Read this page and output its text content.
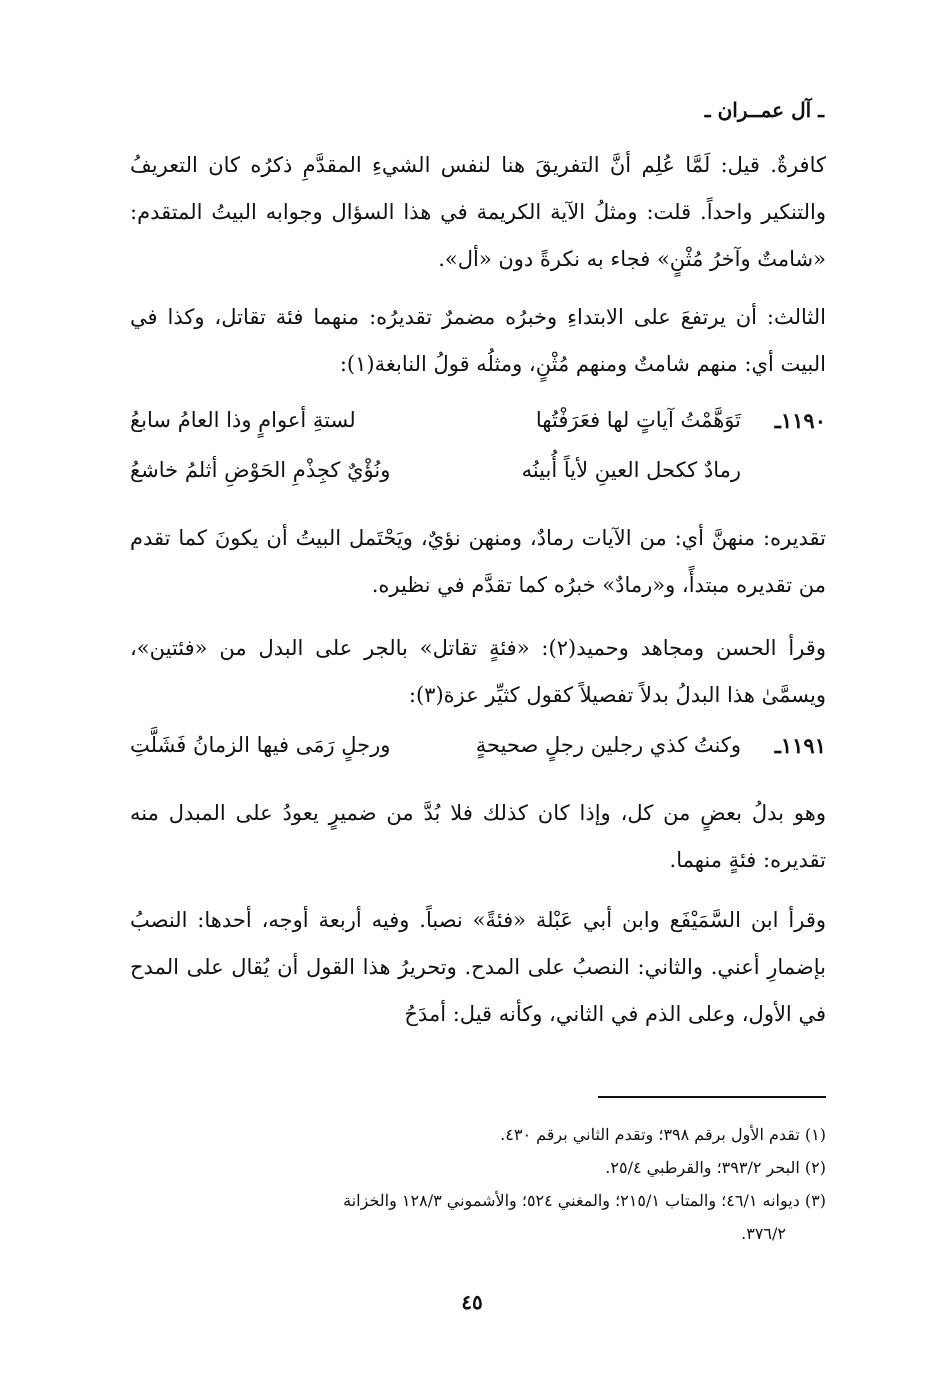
ـ آل عمــران ـ

كافرةٌ. قيل: لَمَّا عُلِم أنَّ التفريقَ هنا لنفس الشيءِ المقدَّمِ ذكرُه كان التعريفُ والتنكير واحداً. قلت: ومثلُ الآية الكريمة في هذا السؤال وجوابه البيتُ المتقدم: «شامتٌ وآخرُ مُثْنٍ» فجاء به نكرةً دون «أل».

الثالث: أن يرتفعَ على الابتداءِ وخبرُه مضمرٌ تقديرُه: منهما فئة تقاتل، وكذا في البيت أي: منهم شامتٌ ومنهم مُثْنٍ، ومثلُه قولُ النابغة(١):

١١٩٠ـ
تَوَهَّمْتُ آياتٍ لها فعَرَفْتُها
لستةِ أعوامٍ وذا العامُ سابعُ
رمادٌ ككحل العينِ لأياً أُبينُه
ونُؤْيٌ كجِذْمِ الحَوْضِ أثلمُ خاشعُ

تقديره: منهنَّ أي: من الآيات رمادٌ، ومنهن نؤيٌ، ويَحْتَمل البيتُ أن يكونَ كما تقدم من تقديره مبتدأً، و«رمادٌ» خبرُه كما تقدَّم في نظيره.

وقرأ الحسن ومجاهد وحميد(٢): «فئةٍ تقاتل» بالجر على البدل من «فئتين»، ويسمَّىٰ هذا البدلُ بدلاً تفصيلاً كقول كثيِّر عزة(٣):

١١٩١ـ
وكنتُ كذي رجلين رجلٍ صحيحةٍ
ورجلٍ رَمَى فيها الزمانُ فَشَلَّتِ

وهو بدلُ بعضٍ من كل، وإذا كان كذلك فلا بُدَّ من ضميرٍ يعودُ على المبدل منه تقديره: فئةٍ منهما.

وقرأ ابن السَّمَيْفَع وابن أبي عَبْلة «فئةً» نصباً. وفيه أربعة أوجه، أحدها: النصبُ بإضمارِ أعني. والثاني: النصبُ على المدح. وتحريرُ هذا القول أن يُقال على المدح في الأول، وعلى الذم في الثاني، وكأنه قيل: أمدَحُ

(١) تقدم الأول برقم ٣٩٨؛ وتقدم الثاني برقم ٤٣٠.

(٢) البحر ٣٩٣/٢؛ والقرطبي ٢٥/٤.

(٣) ديوانه ٤٦/١؛ والمتاب ٢١٥/١؛ والمغني ٥٢٤؛ والأشموني ١٢٨/٣ والخزانة

٣٧٦/٢.

٤٥
